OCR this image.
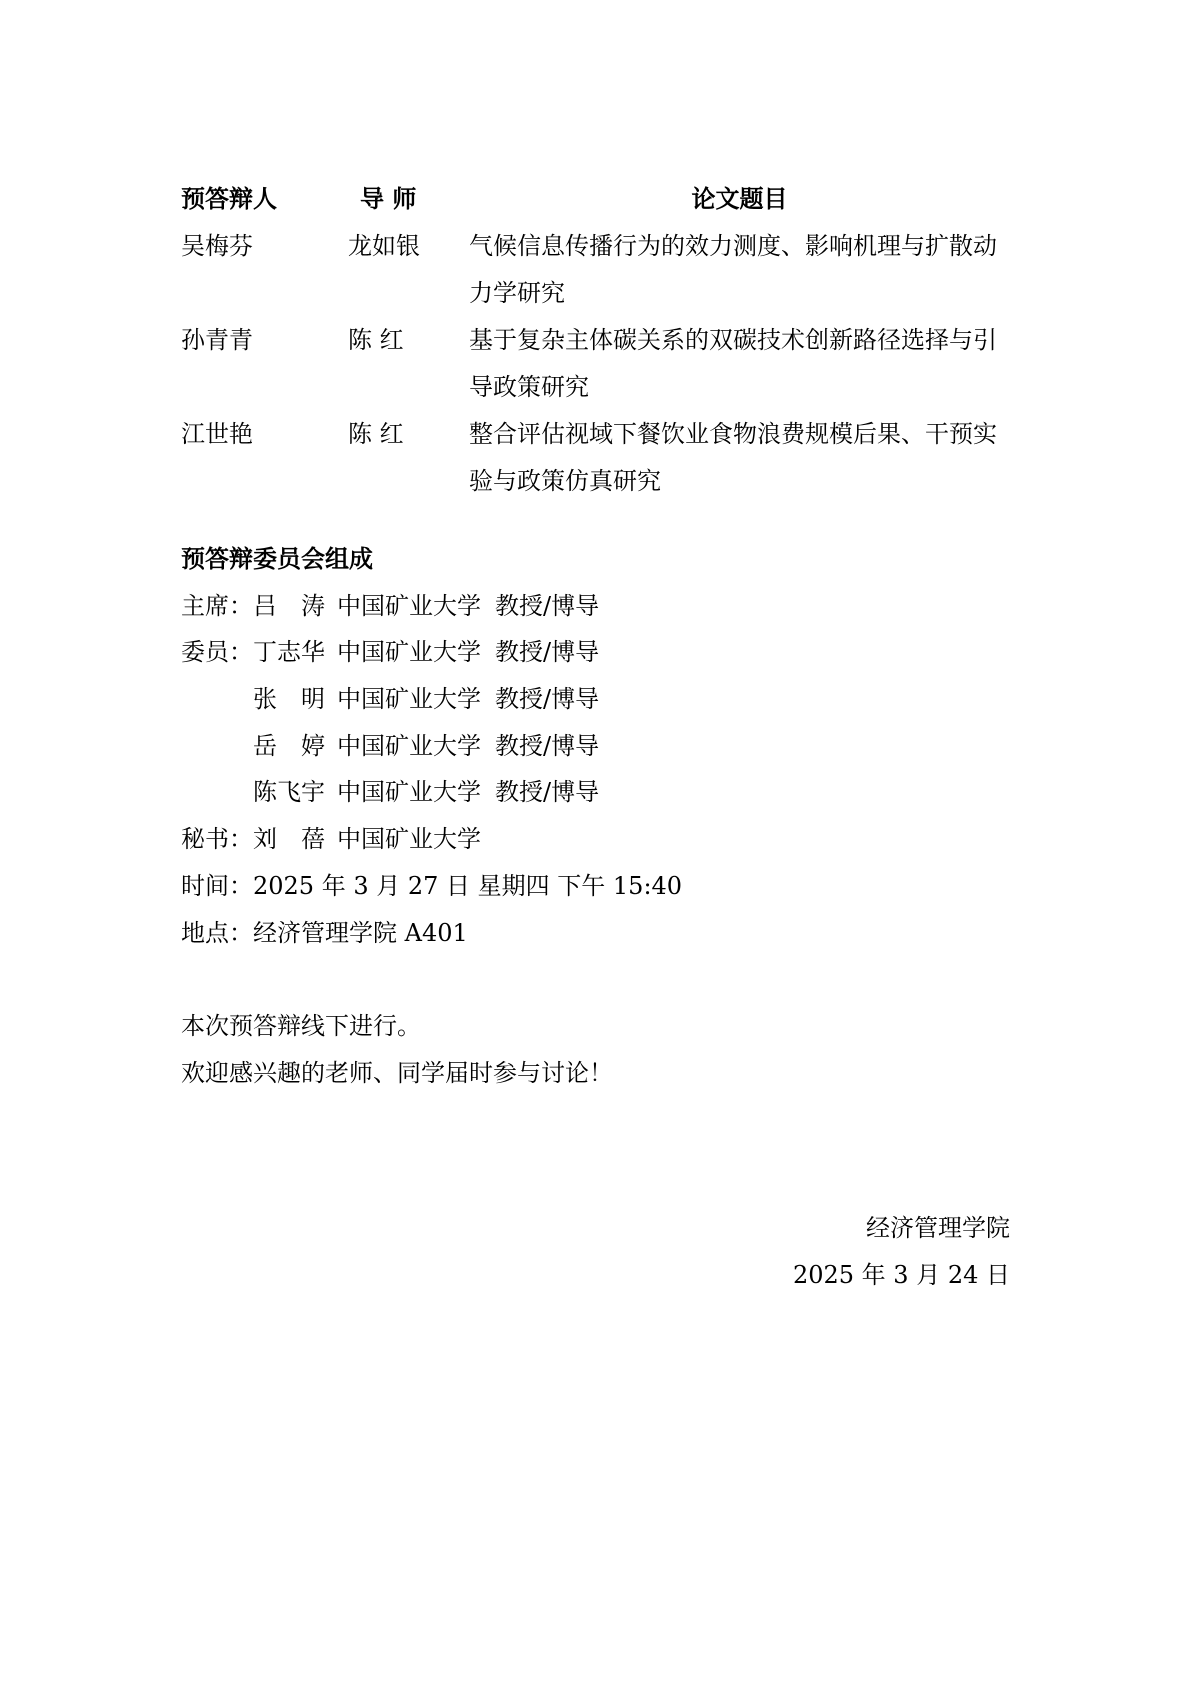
预答辩人	导 师	论文题目
吴梅芬	龙如银	气候信息传播行为的效力测度、影响机理与扩散动
力学研究
孙青青	陈 红	基于复杂主体碳关系的双碳技术创新路径选择与引
导政策研究
江世艳	陈 红	整合评估视域下餐饮业食物浪费规模后果、干预实
验与政策仿真研究
预答辩委员会组成
主席： 吕　涛 中国矿业大学 教授/博导
委员： 丁志华 中国矿业大学 教授/博导
张　明 中国矿业大学 教授/博导
岳　婷 中国矿业大学 教授/博导
陈飞宇 中国矿业大学 教授/博导
秘书： 刘　蓓 中国矿业大学
时间： 2025 年 3 月 27 日 星期四 下午 15:40
地点： 经济管理学院 A401
本次预答辩线下进行。
欢迎感兴趣的老师、同学届时参与讨论！
经济管理学院
2025 年 3 月 24 日
